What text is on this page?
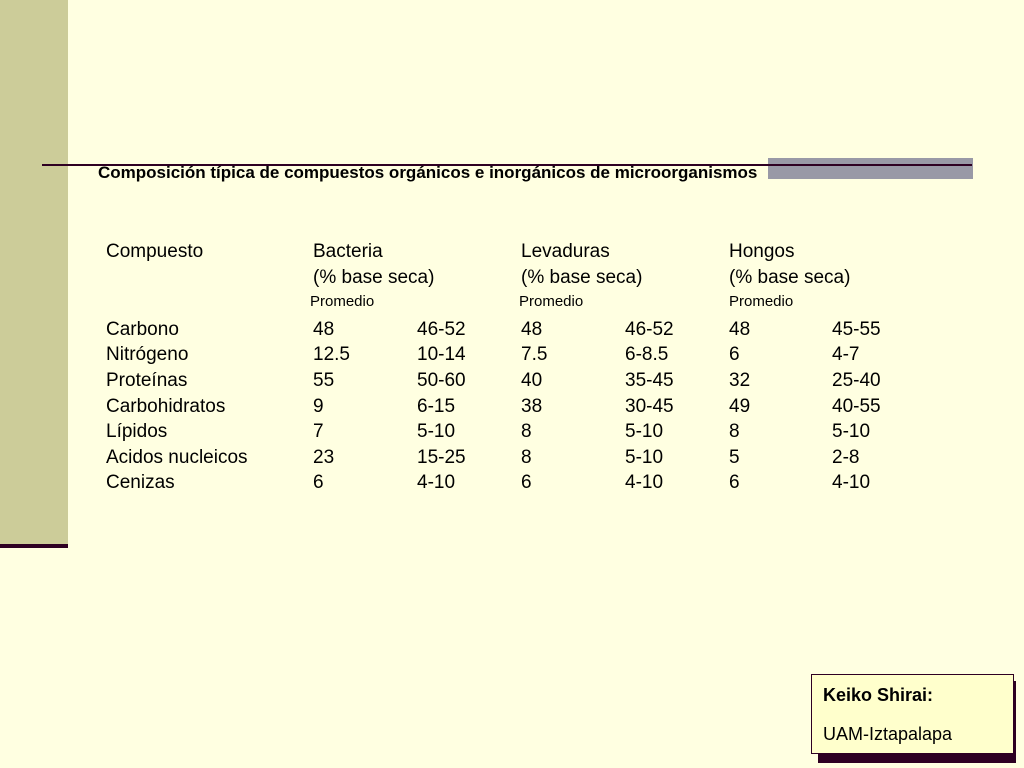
Composición típica de compuestos orgánicos e inorgánicos de microorganismos
Compuesto	Bacteria	Levaduras	Hongos
(% base seca)	(% base seca)	(% base seca)
Promedio	Promedio	Promedio
Carbono	48	46-52	48	46-52	48	45-55
Nitrógeno	12.5	10-14	7.5	6-8.5	6	4-7
Proteínas	55	50-60	40	35-45	32	25-40
Carbohidratos	9	6-15	38	30-45	49	40-55
Lípidos	7	5-10	8	5-10	8	5-10
Acidos nucleicos	23	15-25	8	5-10	5	2-8
Cenizas	6	4-10	6	4-10	6	4-10
Keiko Shirai:
UAM-Iztapalapa
